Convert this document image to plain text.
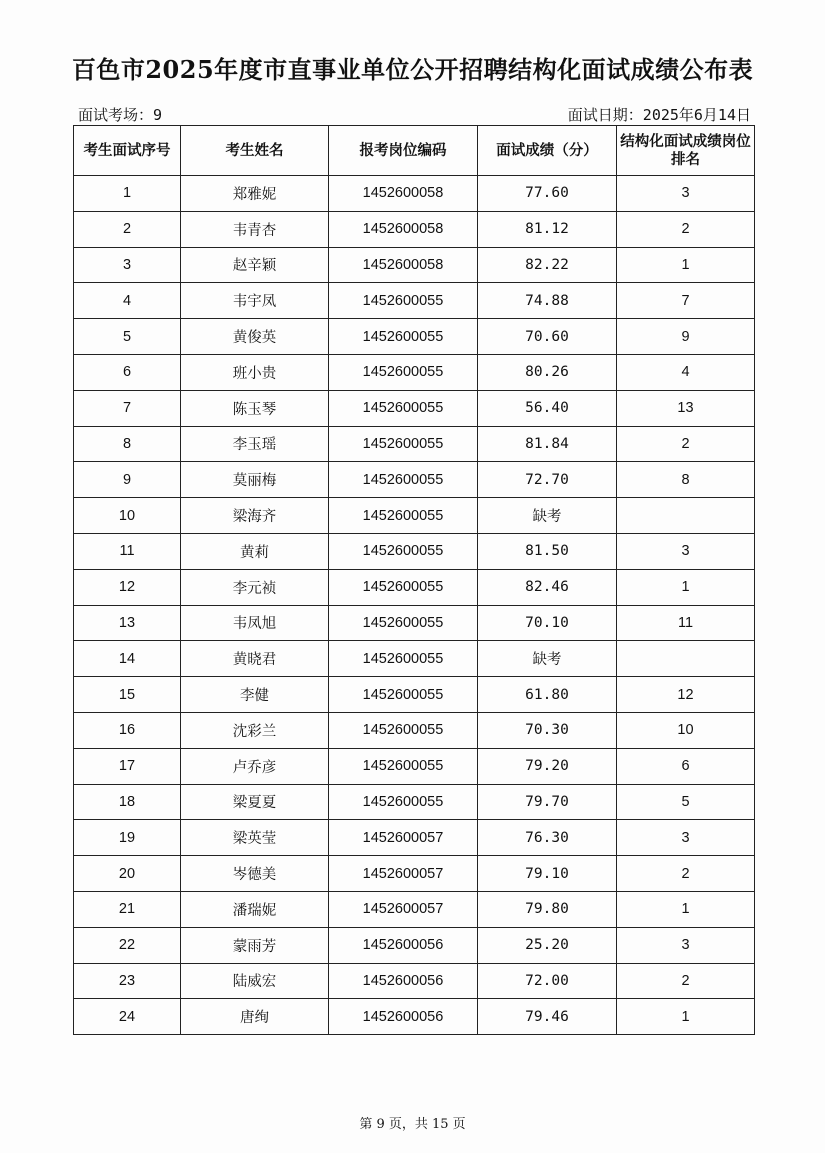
百色市2025年度市直事业单位公开招聘结构化面试成绩公布表
面试考场：9	面试日期：2025年6月14日
考生面试序号	考生姓名	报考岗位编码	面试成绩（分）	结构化面试成绩岗位排名
1	郑雅妮	1452600058	77.60	3
2	韦青杏	1452600058	81.12	2
3	赵辛颖	1452600058	82.22	1
4	韦宇凤	1452600055	74.88	7
5	黄俊英	1452600055	70.60	9
6	班小贵	1452600055	80.26	4
7	陈玉琴	1452600055	56.40	13
8	李玉瑶	1452600055	81.84	2
9	莫丽梅	1452600055	72.70	8
10	梁海齐	1452600055	缺考	
11	黄莉	1452600055	81.50	3
12	李元祯	1452600055	82.46	1
13	韦凤旭	1452600055	70.10	11
14	黄晓君	1452600055	缺考	
15	李健	1452600055	61.80	12
16	沈彩兰	1452600055	70.30	10
17	卢乔彦	1452600055	79.20	6
18	梁夏夏	1452600055	79.70	5
19	梁英莹	1452600057	76.30	3
20	岑德美	1452600057	79.10	2
21	潘瑞妮	1452600057	79.80	1
22	蒙雨芳	1452600056	25.20	3
23	陆威宏	1452600056	72.00	2
24	唐绚	1452600056	79.46	1
第 9 页，共 15 页
